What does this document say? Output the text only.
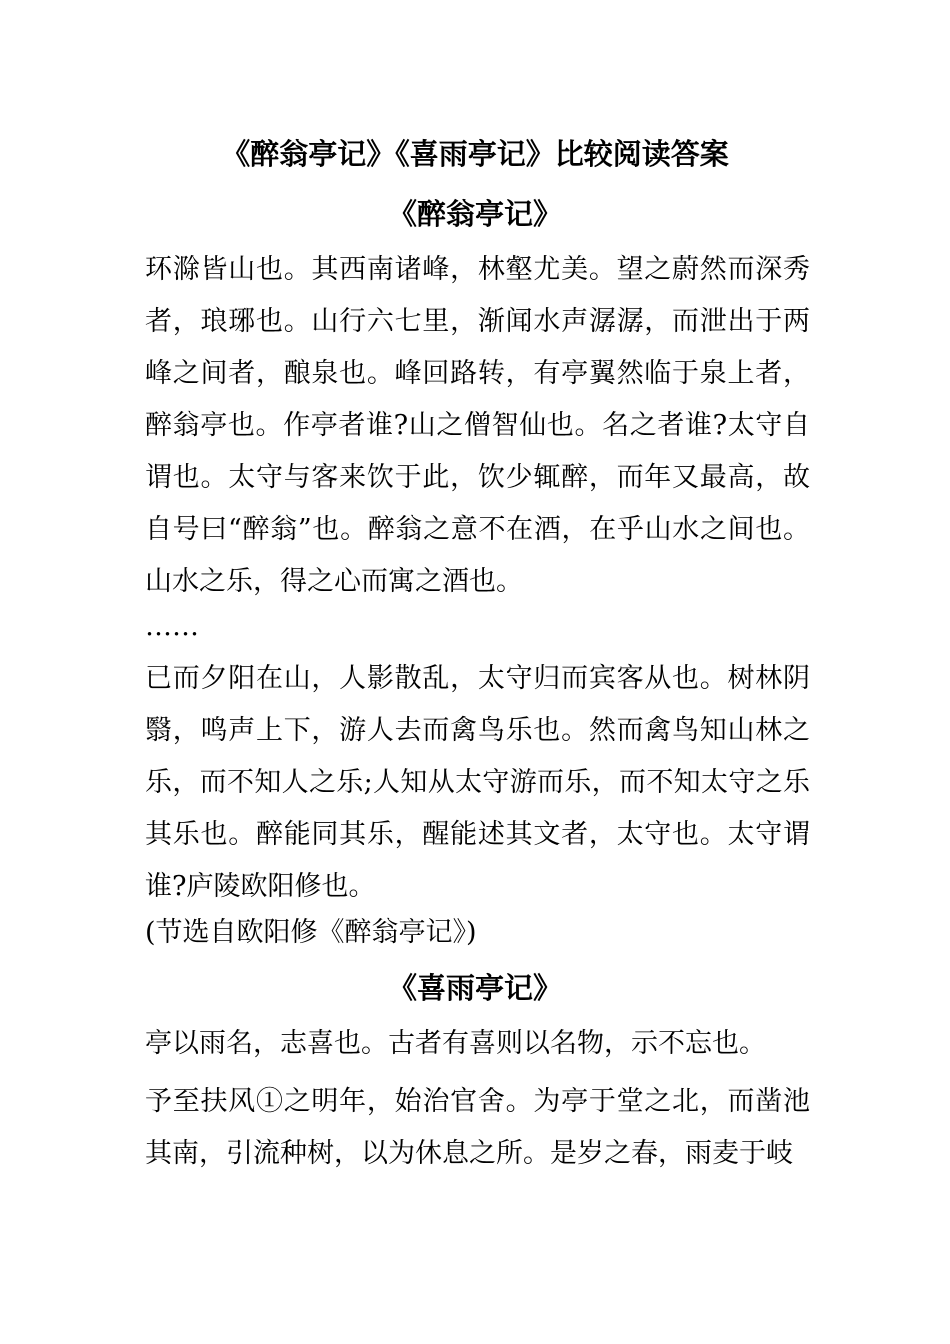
《醉翁亭记》《喜雨亭记》比较阅读答案
《醉翁亭记》

环滁皆山也。其西南诸峰，林壑尤美。望之蔚然而深秀者，琅琊也。山行六七里，渐闻水声潺潺，而泄出于两峰之间者，酿泉也。峰回路转，有亭翼然临于泉上者，醉翁亭也。作亭者谁?山之僧智仙也。名之者谁?太守自谓也。太守与客来饮于此，饮少辄醉，而年又最高，故自号曰“醉翁”也。醉翁之意不在酒，在乎山水之间也。山水之乐，得之心而寓之酒也。

……

已而夕阳在山，人影散乱，太守归而宾客从也。树林阴翳，鸣声上下，游人去而禽鸟乐也。然而禽鸟知山林之乐，而不知人之乐;人知从太守游而乐，而不知太守之乐其乐也。醉能同其乐，醒能述其文者，太守也。太守谓谁?庐陵欧阳修也。

(节选自欧阳修《醉翁亭记》)

《喜雨亭记》

亭以雨名，志喜也。古者有喜则以名物，示不忘也。

予至扶风①之明年，始治官舍。为亭于堂之北，而凿池其南，引流种树，以为休息之所。是岁之春，雨麦于岐
